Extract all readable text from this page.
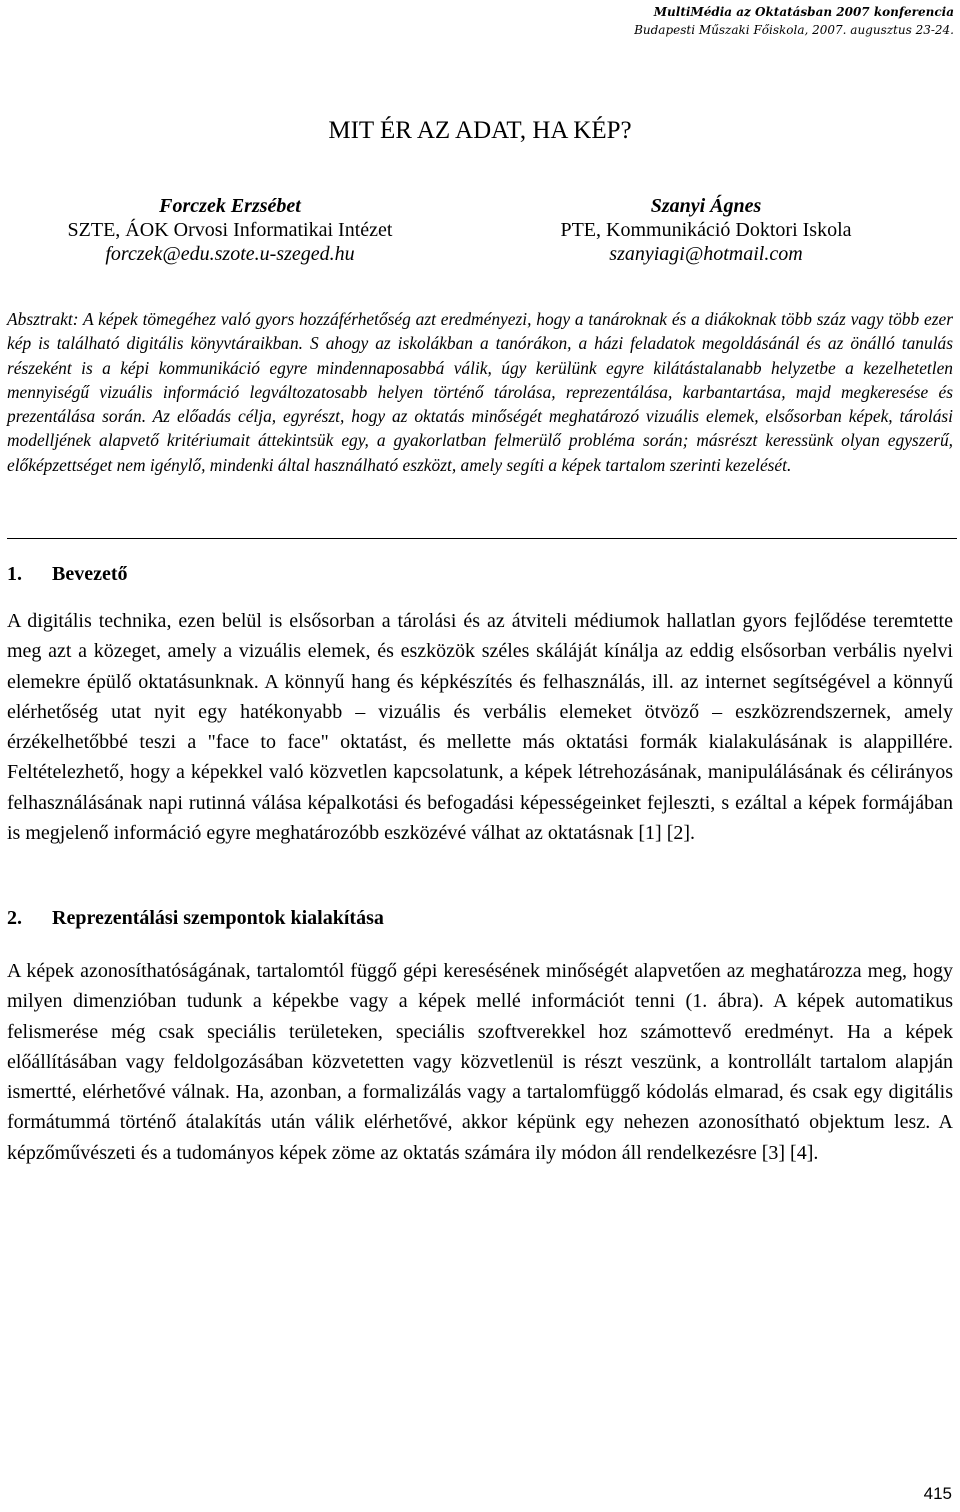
MultiMédia az Oktatásban 2007 konferencia
Budapesti Műszaki Főiskola, 2007. augusztus 23-24.
MIT ÉR AZ ADAT, HA KÉP?
Forczek Erzsébet
SZTE, ÁOK Orvosi Informatikai Intézet
forczek@edu.szote.u-szeged.hu
Szanyi Ágnes
PTE, Kommunikáció Doktori Iskola
szanyiagi@hotmail.com
Absztrakt: A képek tömegéhez való gyors hozzáférhetőség azt eredményezi, hogy a tanároknak és a diákoknak több száz vagy több ezer kép is található digitális könyvtáraikban. S ahogy az iskolákban a tanórákon, a házi feladatok megoldásánál és az önálló tanulás részeként is a képi kommunikáció egyre mindennaposabbá válik, úgy kerülünk egyre kilátástalanabb helyzetbe a kezelhetetlen mennyiségű vizuális információ legváltozatosabb helyen történő tárolása, reprezentálása, karbantartása, majd megkeresése és prezentálása során. Az előadás célja, egyrészt, hogy az oktatás minőségét meghatározó vizuális elemek, elsősorban képek, tárolási modelljének alapvető kritériumait áttekintsük egy, a gyakorlatban felmerülő probléma során; másrészt keressünk olyan egyszerű, előképzettséget nem igénylő, mindenki által használható eszközt, amely segíti a képek tartalom szerinti kezelését.
1. Bevezető

A digitális technika, ezen belül is elsősorban a tárolási és az átviteli médiumok hallatlan gyors fejlődése teremtette meg azt a közeget, amely a vizuális elemek, és eszközök széles skáláját kínálja az eddig elsősorban verbális nyelvi elemekre épülő oktatásunknak. A könnyű hang és képkészítés és felhasználás, ill. az internet segítségével a könnyű elérhetőség utat nyit egy hatékonyabb – vizuális és verbális elemeket ötvöző – eszközrendszernek, amely érzékelhetőbbé teszi a "face to face" oktatást, és mellette más oktatási formák kialakulásának is alappillére. Feltételezhető, hogy a képekkel való közvetlen kapcsolatunk, a képek létrehozásának, manipulálásának és célirányos felhasználásának napi rutinná válása képalkotási és befogadási képességeinket fejleszti, s ezáltal a képek formájában is megjelenő információ egyre meghatározóbb eszközévé válhat az oktatásnak [1] [2].

2. Reprezentálási szempontok kialakítása

A képek azonosíthatóságának, tartalomtól függő gépi keresésének minőségét alapvetően az meghatározza meg, hogy milyen dimenzióban tudunk a képekbe vagy a képek mellé információt tenni (1. ábra). A képek automatikus felismerése még csak speciális területeken, speciális szoftverekkel hoz számottevő eredményt. Ha a képek előállításában vagy feldolgozásában közvetetten vagy közvetlenül is részt veszünk, a kontrollált tartalom alapján ismertté, elérhetővé válnak. Ha, azonban, a formalizálás vagy a tartalomfüggő kódolás elmarad, és csak egy digitális formátummá történő átalakítás után válik elérhetővé, akkor képünk egy nehezen azonosítható objektum lesz. A képzőművészeti és a tudományos képek zöme az oktatás számára ily módon áll rendelkezésre [3] [4].

415
